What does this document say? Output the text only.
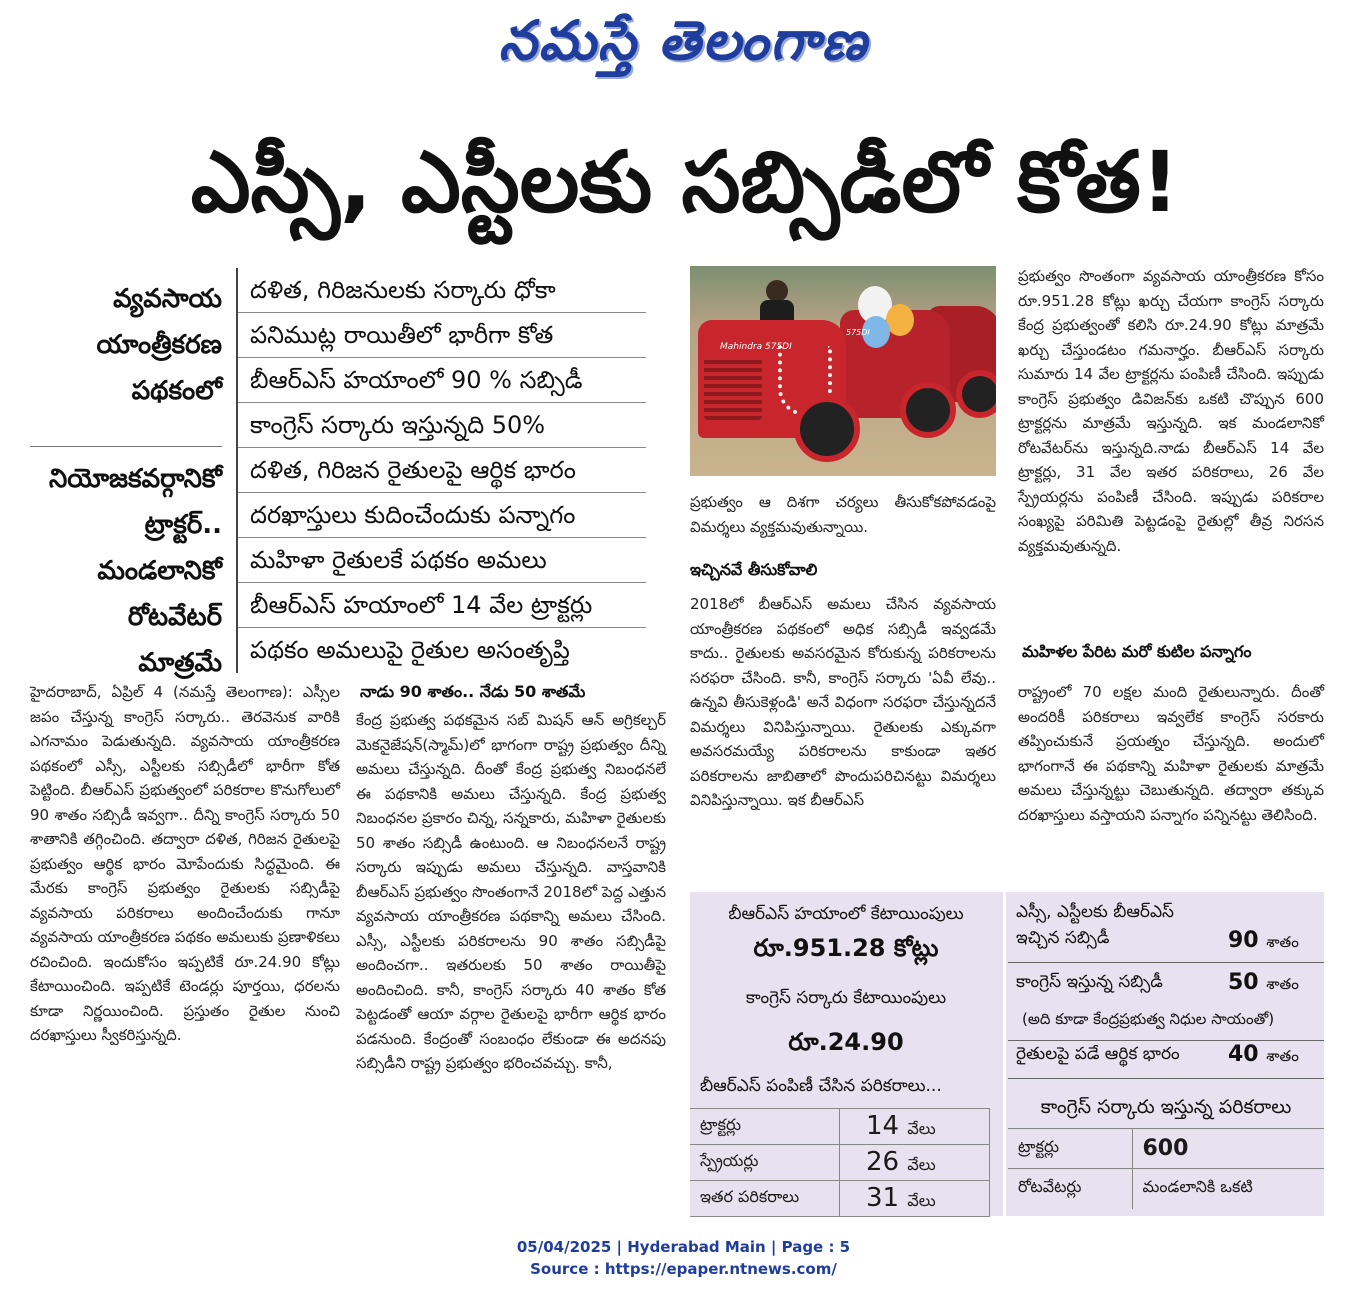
నమస్తే తెలంగాణ
ఎస్సీ, ఎస్టీలకు సబ్సిడీలో కోత!
వ్యవసాయ
యాంత్రీకరణ
పథకంలో
నియోజకవర్గానికో
ట్రాక్టర్..
మండలానికో
రోటవేటర్
మాత్రమే
దళిత, గిరిజనులకు సర్కారు ధోకా
పనిముట్ల రాయితీలో భారీగా కోత
బీఆర్ఎస్ హయాంలో 90 % సబ్సిడీ
కాంగ్రెస్ సర్కారు ఇస్తున్నది 50%
దళిత, గిరిజన రైతులపై ఆర్థిక భారం
దరఖాస్తులు కుదించేందుకు పన్నాగం
మహిళా రైతులకే పథకం అమలు
బీఆర్ఎస్ హయాంలో 14 వేల ట్రాక్టర్లు
పథకం అమలుపై రైతుల అసంతృప్తి
Mahindra 575DI
575DI
హైదరాబాద్, ఏప్రిల్ 4 (నమస్తే తెలంగాణ): ఎస్సీల జపం చేస్తున్న కాంగ్రెస్ సర్కారు.. తెరవెనుక వారికి ఎగనామం పెడుతున్నది. వ్యవసాయ యాంత్రీకరణ పథకంలో ఎస్సీ, ఎస్టీలకు సబ్సిడీలో భారీగా కోత పెట్టింది. బీఆర్ఎస్ ప్రభుత్వంలో పరికరాల కొనుగోలులో 90 శాతం సబ్సిడీ ఇవ్వగా.. దీన్ని కాంగ్రెస్ సర్కారు 50 శాతానికి తగ్గించింది. తద్వారా దళిత, గిరిజన రైతులపై ప్రభుత్వం ఆర్థిక భారం మోపేందుకు సిద్ధమైంది. ఈ మేరకు కాంగ్రెస్ ప్రభుత్వం రైతులకు సబ్సిడీపై వ్యవసాయ పరికరాలు అందించేందుకు గానూ వ్యవసాయ యాంత్రీకరణ పథకం అమలుకు ప్రణాళికలు రచించింది. ఇందుకోసం ఇప్పటికే రూ.24.90 కోట్లు కేటాయించింది. ఇప్పటికే టెండర్లు పూర్తయి, ధరలను కూడా నిర్ణయించింది. ప్రస్తుతం రైతుల నుంచి దరఖాస్తులు స్వీకరిస్తున్నది.
నాడు 90 శాతం.. నేడు 50 శాతమే
కేంద్ర ప్రభుత్వ పథకమైన సబ్ మిషన్ ఆన్ అగ్రికల్చర్ మెకనైజేషన్(స్మామ్)లో భాగంగా రాష్ట్ర ప్రభుత్వం దీన్ని అమలు చేస్తున్నది. దీంతో కేంద్ర ప్రభుత్వ నిబంధనలే ఈ పథకానికి అమలు చేస్తున్నది. కేంద్ర ప్రభుత్వ నిబంధనల ప్రకారం చిన్న, సన్నకారు, మహిళా రైతులకు 50 శాతం సబ్సిడీ ఉంటుంది. ఆ నిబంధనలనే రాష్ట్ర సర్కారు ఇప్పుడు అమలు చేస్తున్నది. వాస్తవానికి బీఆర్ఎస్ ప్రభుత్వం సొంతంగానే 2018లో పెద్ద ఎత్తున వ్యవసాయ యాంత్రీకరణ పథకాన్ని అమలు చేసింది. ఎస్సీ, ఎస్టీలకు పరికరాలను 90 శాతం సబ్సిడీపై అందించగా.. ఇతరులకు 50 శాతం రాయితీపై అందించింది. కానీ, కాంగ్రెస్ సర్కారు 40 శాతం కోత పెట్టడంతో ఆయా వర్గాల రైతులపై భారీగా ఆర్థిక భారం పడనుంది. కేంద్రంతో సంబంధం లేకుండా ఈ అదనపు సబ్సిడీని రాష్ట్ర ప్రభుత్వం భరించవచ్చు. కానీ,
ప్రభుత్వం ఆ దిశగా చర్యలు తీసుకోకపోవడంపై విమర్శలు వ్యక్తమవుతున్నాయి.
ఇచ్చినవే తీసుకోవాలి
2018లో బీఆర్ఎస్ అమలు చేసిన వ్యవసాయ యాంత్రీకరణ పథకంలో అధిక సబ్సిడీ ఇవ్వడమే కాదు.. రైతులకు అవసరమైన కోరుకున్న పరికరాలను సరఫరా చేసింది. కానీ, కాంగ్రెస్ సర్కారు 'ఏవీ లేవు.. ఉన్నవి తీసుకెళ్లండి' అనే విధంగా సరఫరా చేస్తున్నదనే విమర్శలు వినిపిస్తున్నాయి. రైతులకు ఎక్కువగా అవసరమయ్యే పరికరాలను కాకుండా ఇతర పరికరాలను జాబితాలో పొందుపరిచినట్టు విమర్శలు వినిపిస్తున్నాయి. ఇక బీఆర్ఎస్
ప్రభుత్వం సొంతంగా వ్యవసాయ యాంత్రీకరణ కోసం రూ.951.28 కోట్లు ఖర్చు చేయగా కాంగ్రెస్ సర్కారు కేంద్ర ప్రభుత్వంతో కలిసి రూ.24.90 కోట్లు మాత్రమే ఖర్చు చేస్తుండటం గమనార్హం. బీఆర్ఎస్ సర్కారు సుమారు 14 వేల ట్రాక్టర్లను పంపిణీ చేసింది. ఇప్పుడు కాంగ్రెస్ ప్రభుత్వం డివిజన్‌కు ఒకటి చొప్పున 600 ట్రాక్టర్లను మాత్రమే ఇస్తున్నది. ఇక మండలానికో రోటవేటర్‌ను ఇస్తున్నది.నాడు బీఆర్ఎస్ 14 వేల ట్రాక్టర్లు, 31 వేల ఇతర పరికరాలు, 26 వేల స్ప్రేయర్లను పంపిణీ చేసింది. ఇప్పుడు పరికరాల సంఖ్యపై పరిమితి పెట్టడంపై రైతుల్లో తీవ్ర నిరసన వ్యక్తమవుతున్నది.
మహిళల పేరిట మరో కుటిల పన్నాగం
రాష్ట్రంలో 70 లక్షల మంది రైతులున్నారు. దీంతో అందరికీ పరికరాలు ఇవ్వలేక కాంగ్రెస్ సరకారు తప్పించుకునే ప్రయత్నం చేస్తున్నది. అందులో భాగంగానే ఈ పథకాన్ని మహిళా రైతులకు మాత్రమే అమలు చేస్తున్నట్టు చెబుతున్నది. తద్వారా తక్కువ దరఖాస్తులు వస్తాయని పన్నాగం పన్నినట్టు తెలిసింది.
బీఆర్ఎస్ హయాంలో కేటాయింపులు
రూ.951.28 కోట్లు
కాంగ్రెస్ సర్కారు కేటాయింపులు
రూ.24.90
బీఆర్ఎస్ పంపిణీ చేసిన పరికరాలు...
ట్రాక్టర్లు	14 వేలు
స్ప్రేయర్లు	26 వేలు
ఇతర పరికరాలు	31 వేలు
ఎస్సీ, ఎస్టీలకు బీఆర్ఎస్
ఇచ్చిన సబ్సిడీ	90 శాతం
కాంగ్రెస్ ఇస్తున్న సబ్సిడీ	50 శాతం
(అది కూడా కేంద్రప్రభుత్వ నిధుల సాయంతో)
రైతులపై పడే ఆర్థిక భారం 40 శాతం
కాంగ్రెస్ సర్కారు ఇస్తున్న పరికరాలు
ట్రాక్టర్లు	600
రోటవేటర్లు	మండలానికి ఒకటి
05/04/2025 | Hyderabad Main | Page : 5
Source : https://epaper.ntnews.com/
